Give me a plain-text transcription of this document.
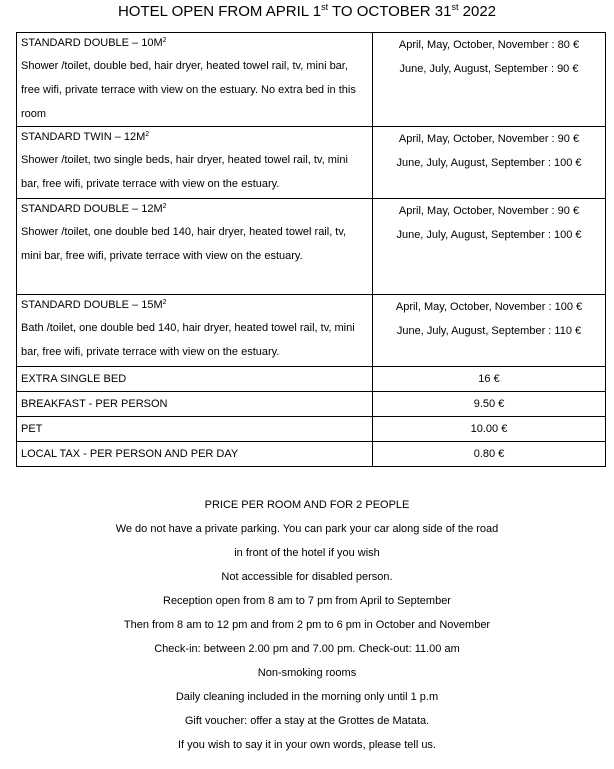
HOTEL OPEN FROM APRIL 1st TO OCTOBER 31st 2022
STANDARD DOUBLE – $10M^2$
Shower /toilet, double bed, hair dryer, heated towel rail, tv, mini bar, free wifi, private terrace with view on the estuary. No extra bed in this room	April, May, October, November : 80 €
June, July, August, September : 90 €

STANDARD TWIN – $12M^2$
Shower /toilet, two single beds, hair dryer, heated towel rail, tv, mini bar, free wifi, private terrace with view on the estuary.	April, May, October, November : 90 €
June, July, August, September : 100 €

STANDARD DOUBLE – $12M^2$
Shower /toilet, one double bed 140, hair dryer, heated towel rail, tv, mini bar, free wifi, private terrace with view on the estuary.	April, May, October, November : 90 €
June, July, August, September : 100 €

STANDARD DOUBLE – $15M^2$
Bath /toilet, one double bed 140, hair dryer, heated towel rail, tv, mini bar, free wifi, private terrace with view on the estuary.	April, May, October, November : 100 €
June, July, August, September : 110 €

EXTRA SINGLE BED	16 €
BREAKFAST - PER PERSON	9.50 €
PET	10.00 €
LOCAL TAX - PER PERSON AND PER DAY	0.80 €
PRICE PER ROOM AND FOR 2 PEOPLE
We do not have a private parking. You can park your car along side of the road
in front of the hotel if you wish
Not accessible for disabled person.
Reception open from 8 am to 7 pm from April to September
Then from 8 am to 12 pm and from 2 pm to 6 pm in October and November
Check-in: between 2.00 pm and 7.00 pm. Check-out: 11.00 am
Non-smoking rooms
Daily cleaning included in the morning only until 1 p.m
Gift voucher: offer a stay at the Grottes de Matata.
If you wish to say it in your own words, please tell us.
